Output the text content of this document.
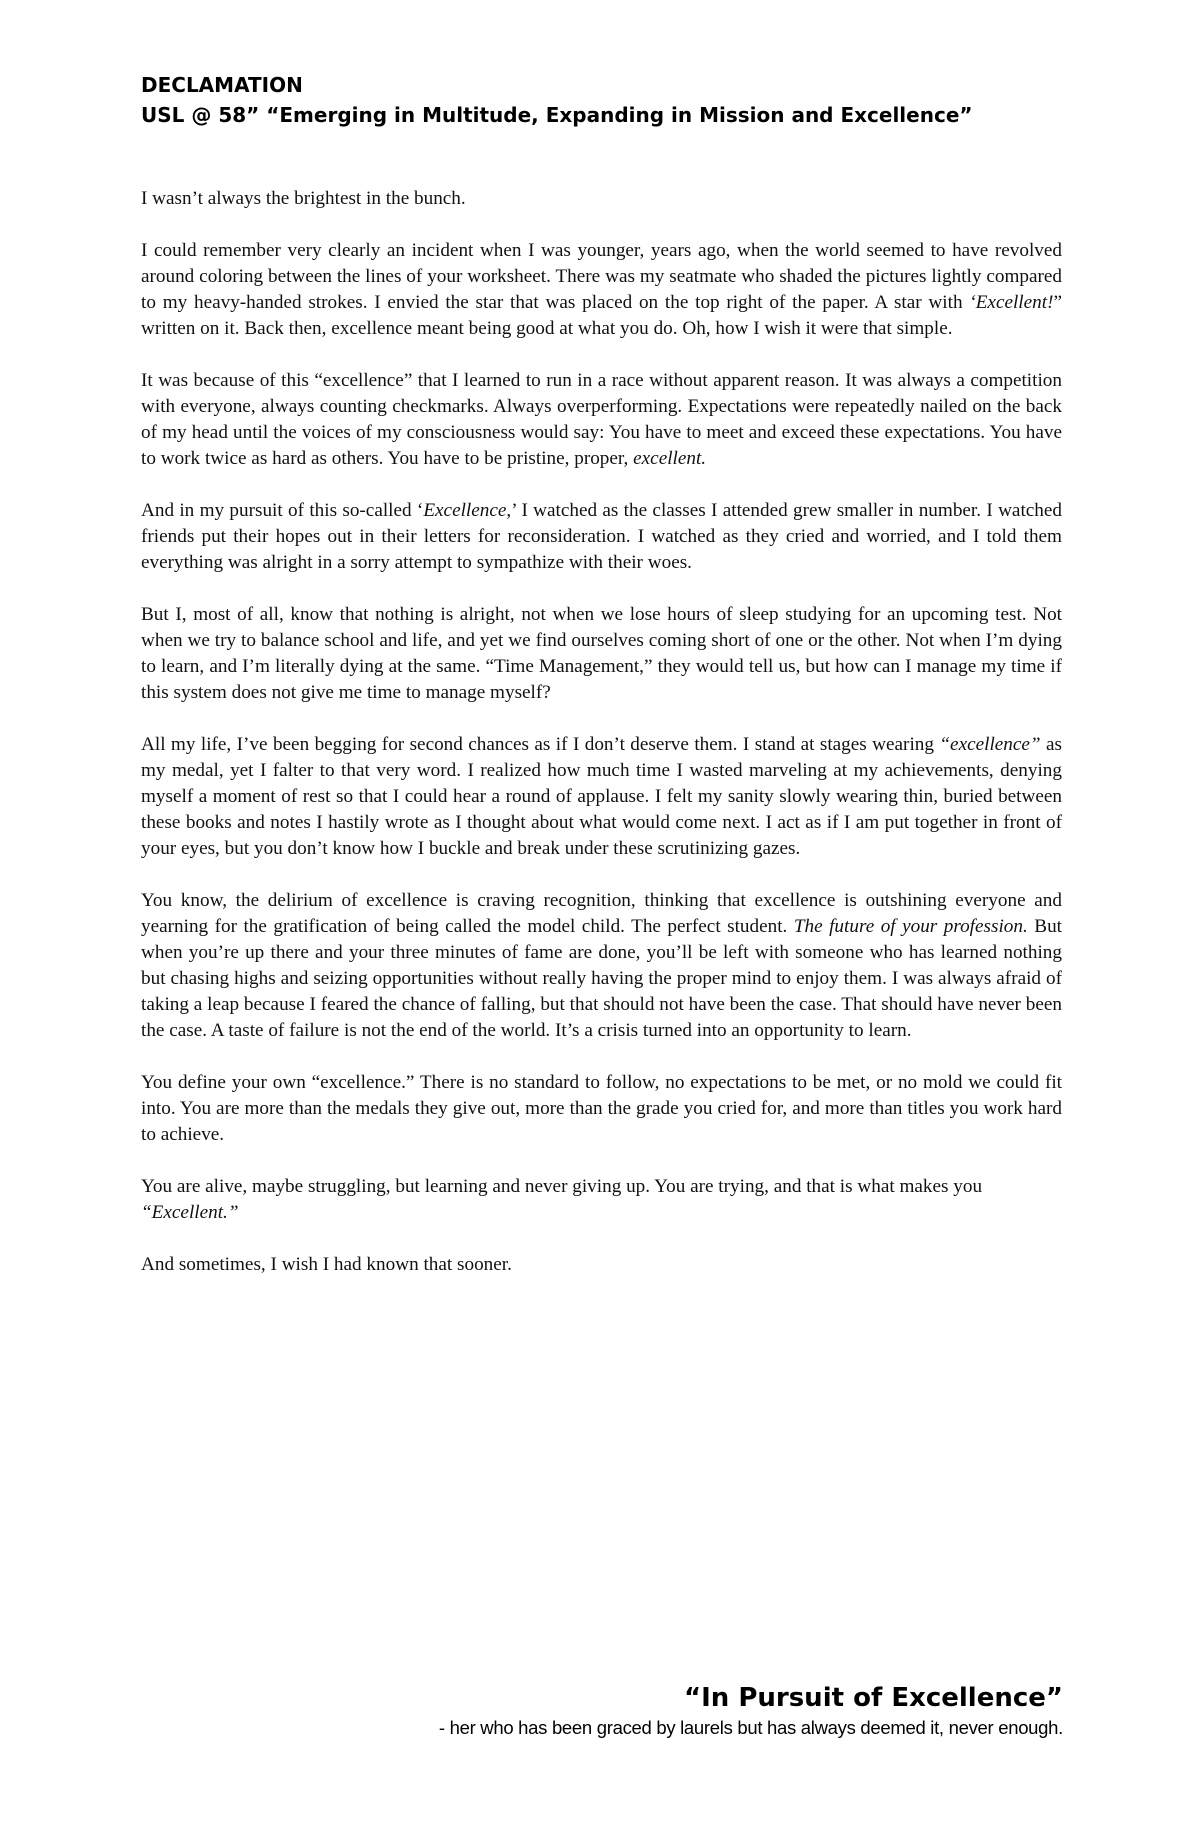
DECLAMATION
USL @ 58” “Emerging in Multitude, Expanding in Mission and Excellence”

I wasn’t always the brightest in the bunch.

I could remember very clearly an incident when I was younger, years ago, when the world seemed to have revolved around coloring between the lines of your worksheet. There was my seatmate who shaded the pictures lightly compared to my heavy-handed strokes. I envied the star that was placed on the top right of the paper. A star with ‘Excellent!” written on it. Back then, excellence meant being good at what you do. Oh, how I wish it were that simple.

It was because of this “excellence” that I learned to run in a race without apparent reason. It was always a competition with everyone, always counting checkmarks. Always overperforming. Expectations were repeatedly nailed on the back of my head until the voices of my consciousness would say: You have to meet and exceed these expectations. You have to work twice as hard as others. You have to be pristine, proper, excellent.

And in my pursuit of this so-called ‘Excellence,’ I watched as the classes I attended grew smaller in number. I watched friends put their hopes out in their letters for reconsideration. I watched as they cried and worried, and I told them everything was alright in a sorry attempt to sympathize with their woes.

But I, most of all, know that nothing is alright, not when we lose hours of sleep studying for an upcoming test. Not when we try to balance school and life, and yet we find ourselves coming short of one or the other. Not when I’m dying to learn, and I’m literally dying at the same. “Time Management,” they would tell us, but how can I manage my time if this system does not give me time to manage myself?

All my life, I’ve been begging for second chances as if I don’t deserve them. I stand at stages wearing “excellence” as my medal, yet I falter to that very word. I realized how much time I wasted marveling at my achievements, denying myself a moment of rest so that I could hear a round of applause. I felt my sanity slowly wearing thin, buried between these books and notes I hastily wrote as I thought about what would come next. I act as if I am put together in front of your eyes, but you don’t know how I buckle and break under these scrutinizing gazes.

You know, the delirium of excellence is craving recognition, thinking that excellence is outshining everyone and yearning for the gratification of being called the model child. The perfect student. The future of your profession. But when you’re up there and your three minutes of fame are done, you’ll be left with someone who has learned nothing but chasing highs and seizing opportunities without really having the proper mind to enjoy them. I was always afraid of taking a leap because I feared the chance of falling, but that should not have been the case. That should have never been the case. A taste of failure is not the end of the world. It’s a crisis turned into an opportunity to learn.

You define your own “excellence.” There is no standard to follow, no expectations to be met, or no mold we could fit into. You are more than the medals they give out, more than the grade you cried for, and more than titles you work hard to achieve.

You are alive, maybe struggling, but learning and never giving up. You are trying, and that is what makes you “Excellent.”

And sometimes, I wish I had known that sooner.

“In Pursuit of Excellence”
- her who has been graced by laurels but has always deemed it, never enough.
